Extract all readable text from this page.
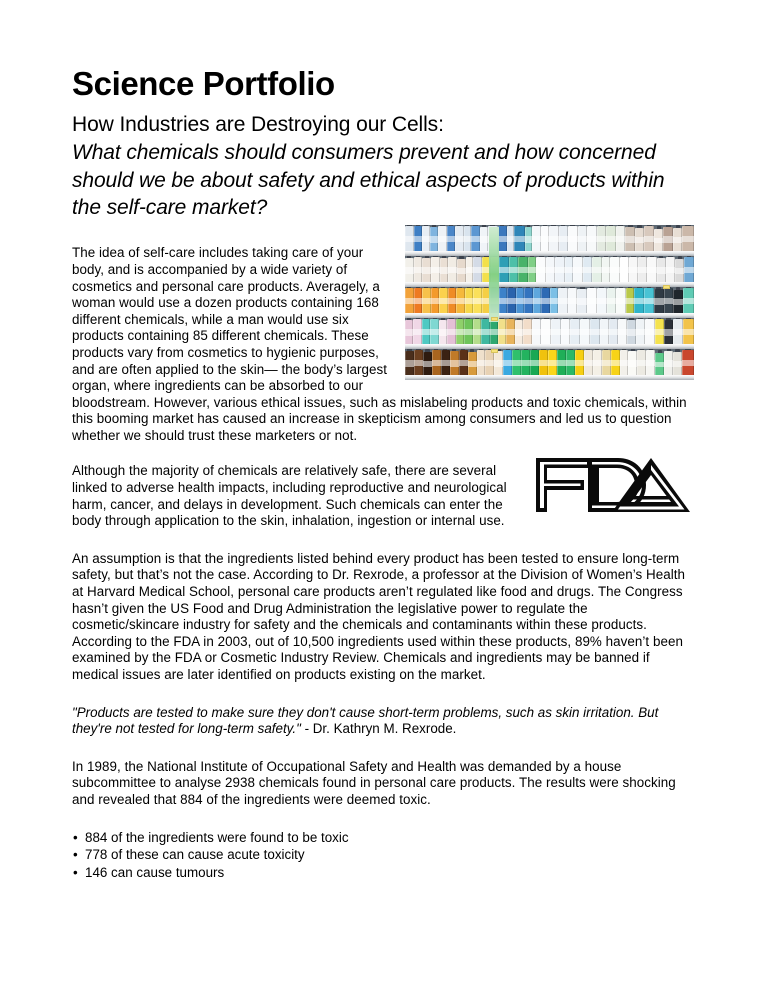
Science Portfolio
How Industries are Destroying our Cells:
What chemicals should consumers prevent and how concerned should we be about safety and ethical aspects of products within the self-care market?

The idea of self-care includes taking care of your body, and is accompanied by a wide variety of cosmetics and personal care products. Averagely, a woman would use a dozen products containing 168 different chemicals, while a man would use six products containing 85 different chemicals. These products vary from cosmetics to hygienic purposes, and are often applied to the skin— the body’s largest organ, where ingredients can be absorbed to our bloodstream. However, various ethical issues, such as mislabeling products and toxic chemicals, within this booming market has caused an increase in skepticism among consumers and led us to question whether we should trust these marketers or not.

Although the majority of chemicals are relatively safe, there are several linked to adverse health impacts, including reproductive and neurological harm, cancer, and delays in development. Such chemicals can enter the body through application to the skin, inhalation, ingestion or internal use.

An assumption is that the ingredients listed behind every product has been tested to ensure long-term safety, but that’s not the case. According to Dr. Rexrode, a professor at the Division of Women’s Health at Harvard Medical School, personal care products aren’t regulated like food and drugs. The Congress hasn’t given the US Food and Drug Administration the legislative power to regulate the cosmetic/skincare industry for safety and the chemicals and contaminants within these products. According to the FDA in 2003, out of 10,500 ingredients used within these products, 89% haven’t been examined by the FDA or Cosmetic Industry Review. Chemicals and ingredients may be banned if medical issues are later identified on products existing on the market.

"Products are tested to make sure they don't cause short-term problems, such as skin irritation. But they're not tested for long-term safety." - Dr. Kathryn M. Rexrode.

In 1989, the National Institute of Occupational Safety and Health was demanded by a house subcommittee to analyse 2938 chemicals found in personal care products. The results were shocking and revealed that 884 of the ingredients were deemed toxic.

• 884 of the ingredients were found to be toxic
• 778 of these can cause acute toxicity
• 146 can cause tumours
